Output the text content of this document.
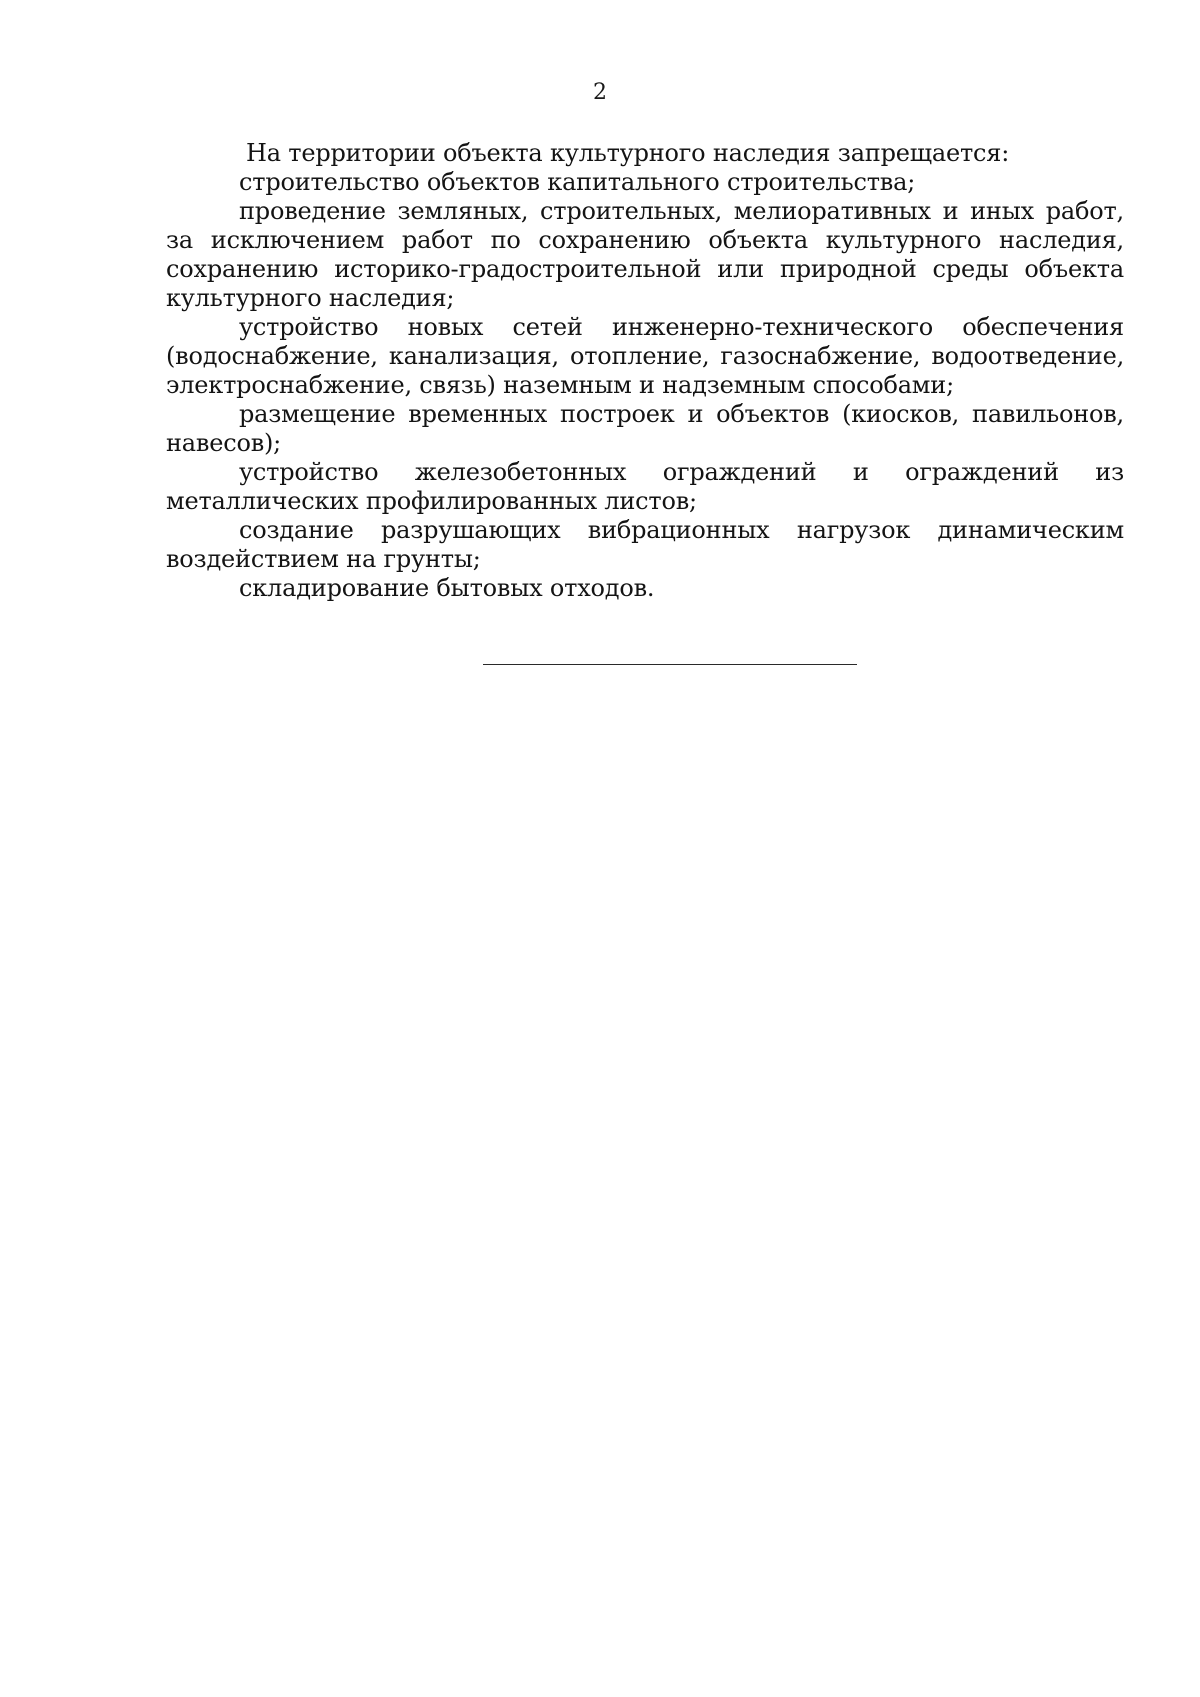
2

На территории объекта культурного наследия запрещается:

строительство объектов капитального строительства;

проведение земляных, строительных, мелиоративных и иных работ, за исключением работ по сохранению объекта культурного наследия, сохранению историко-градостроительной или природной среды объекта культурного наследия;

устройство новых сетей инженерно-технического обеспечения (водоснабжение, канализация, отопление, газоснабжение, водоотведение, электроснабжение, связь) наземным и надземным способами;

размещение временных построек и объектов (киосков, павильонов, навесов);

устройство железобетонных ограждений и ограждений из металлических профилированных листов;

создание разрушающих вибрационных нагрузок динамическим воздействием на грунты;

складирование бытовых отходов.
